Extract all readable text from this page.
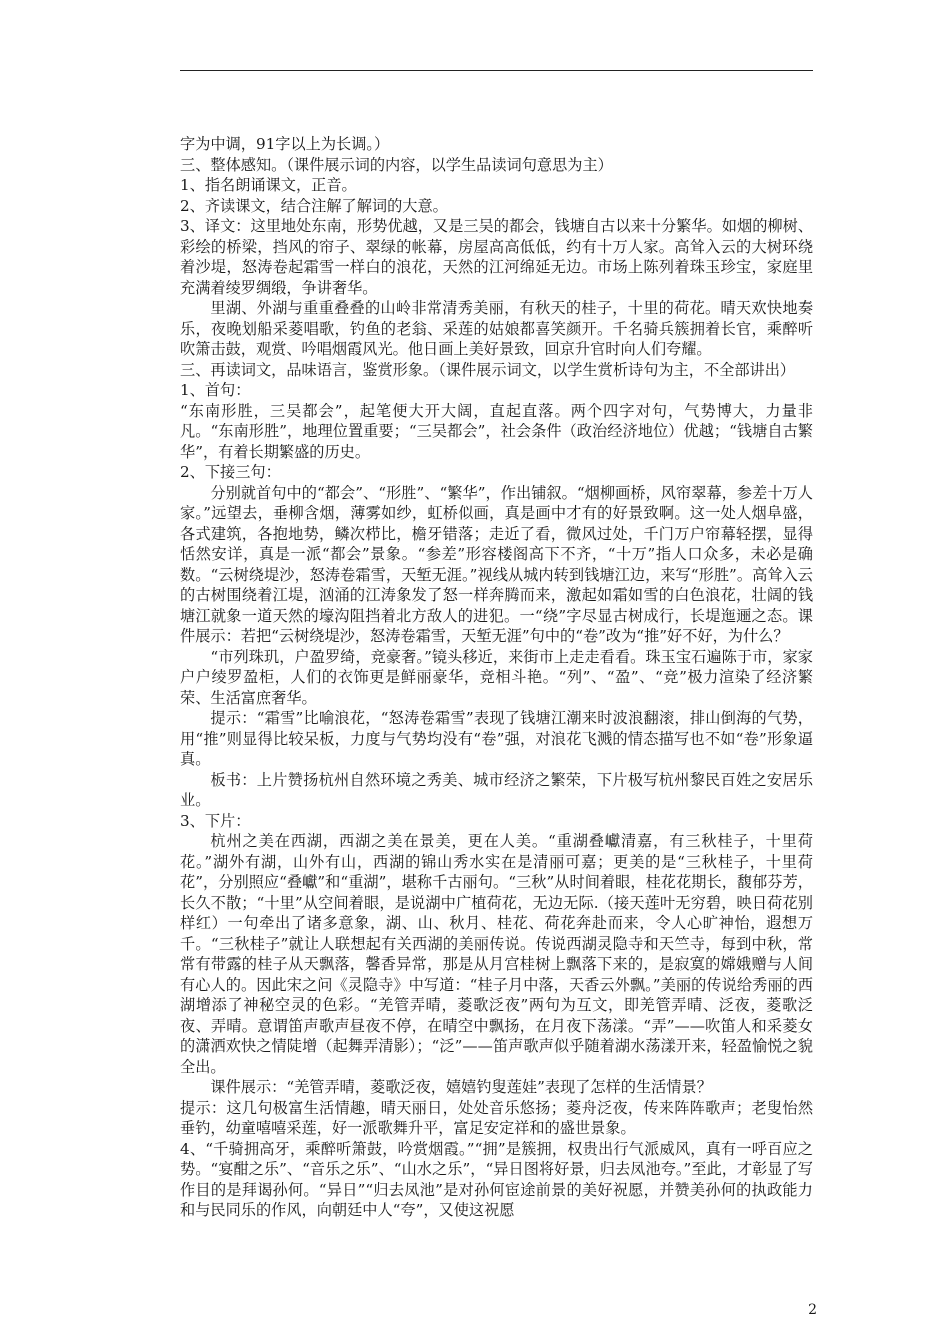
字为中调，91字以上为长调。）

三、整体感知。（课件展示词的内容，以学生品读词句意思为主）

1、指名朗诵课文，正音。

2、齐读课文，结合注解了解词的大意。

3、译文：这里地处东南，形势优越，又是三吴的都会，钱塘自古以来十分繁华。如烟的柳树、彩绘的桥梁，挡风的帘子、翠绿的帐幕，房屋高高低低，约有十万人家。高耸入云的大树环绕着沙堤，怒涛卷起霜雪一样白的浪花，天然的江河绵延无边。市场上陈列着珠玉珍宝，家庭里充满着绫罗绸缎，争讲奢华。

里湖、外湖与重重叠叠的山岭非常清秀美丽，有秋天的桂子，十里的荷花。晴天欢快地奏乐，夜晚划船采菱唱歌，钓鱼的老翁、采莲的姑娘都喜笑颜开。千名骑兵簇拥着长官，乘醉听吹箫击鼓，观赏、吟唱烟霞风光。他日画上美好景致，回京升官时向人们夸耀。

三、再读词文，品味语言，鉴赏形象。（课件展示词文，以学生赏析诗句为主，不全部讲出）

1、首句：

“东南形胜，三吴都会”，起笔便大开大阔，直起直落。两个四字对句，气势博大，力量非凡。“东南形胜”，地理位置重要；“三吴都会”，社会条件（政治经济地位）优越；“钱塘自古繁华”，有着长期繁盛的历史。

2、下接三句：

分别就首句中的“都会”、“形胜”、“繁华”，作出铺叙。“烟柳画桥，风帘翠幕，参差十万人家。”远望去，垂柳含烟，薄雾如纱，虹桥似画，真是画中才有的好景致啊。这一处人烟阜盛，各式建筑，各抱地势，鳞次栉比，檐牙错落；走近了看，微风过处，千门万户帘幕轻摆，显得恬然安详，真是一派“都会”景象。“参差”形容楼阁高下不齐，“十万”指人口众多，未必是确数。“云树绕堤沙，怒涛卷霜雪，天堑无涯。”视线从城内转到钱塘江边，来写“形胜”。高耸入云的古树围绕着江堤，汹涌的江涛象发了怒一样奔腾而来，激起如霜如雪的白色浪花，壮阔的钱塘江就象一道天然的壕沟阻挡着北方敌人的进犯。一“绕”字尽显古树成行，长堤迤逦之态。课件展示：若把“云树绕堤沙，怒涛卷霜雪，天堑无涯”句中的“卷”改为“推”好不好，为什么？

“市列珠玑，户盈罗绮，竞豪奢。”镜头移近，来街市上走走看看。珠玉宝石遍陈于市，家家户户绫罗盈柜，人们的衣饰更是鲜丽豪华，竞相斗艳。“列”、“盈”、“竞”极力渲染了经济繁荣、生活富庶奢华。

提示：“霜雪”比喻浪花，“怒涛卷霜雪”表现了钱塘江潮来时波浪翻滚，排山倒海的气势，用“推”则显得比较呆板，力度与气势均没有“卷”强，对浪花飞溅的情态描写也不如“卷”形象逼真。

板书：上片赞扬杭州自然环境之秀美、城市经济之繁荣，下片极写杭州黎民百姓之安居乐业。

3、下片：

杭州之美在西湖，西湖之美在景美，更在人美。“重湖叠巘清嘉，有三秋桂子，十里荷花。”湖外有湖，山外有山，西湖的锦山秀水实在是清丽可嘉；更美的是“三秋桂子，十里荷花”，分别照应“叠巘”和“重湖”，堪称千古丽句。“三秋”从时间着眼，桂花花期长，馥郁芬芳，长久不散；“十里”从空间着眼，是说湖中广植荷花，无边无际.（接天莲叶无穷碧，映日荷花别样红）一句牵出了诸多意象，湖、山、秋月、桂花、荷花奔赴而来，令人心旷神怡，遐想万千。“三秋桂子”就让人联想起有关西湖的美丽传说。传说西湖灵隐寺和天竺寺，每到中秋，常常有带露的桂子从天飘落，馨香异常，那是从月宫桂树上飘落下来的，是寂寞的嫦娥赠与人间有心人的。因此宋之问《灵隐寺》中写道：“桂子月中落，天香云外飘。”美丽的传说给秀丽的西湖增添了神秘空灵的色彩。“羌管弄晴，菱歌泛夜”两句为互文，即羌管弄晴、泛夜，菱歌泛夜、弄晴。意谓笛声歌声昼夜不停，在晴空中飘扬，在月夜下荡漾。“弄”——吹笛人和采菱女的潇洒欢快之情陡增（起舞弄清影）；“泛”——笛声歌声似乎随着湖水荡漾开来，轻盈愉悦之貌全出。

课件展示：“羌管弄晴，菱歌泛夜，嬉嬉钓叟莲娃”表现了怎样的生活情景？

提示：这几句极富生活情趣，晴天丽日，处处音乐悠扬；菱舟泛夜，传来阵阵歌声；老叟怡然垂钓，幼童嘻嘻采莲，好一派歌舞升平，富足安定祥和的盛世景象。

4、“千骑拥高牙，乘醉听箫鼓，吟赏烟霞。”“拥”是簇拥，权贵出行气派威风，真有一呼百应之势。“宴酣之乐”、“音乐之乐”、“山水之乐”，“异日图将好景，归去凤池夸。”至此，才彰显了写作目的是拜谒孙何。“异日”“归去凤池”是对孙何宦途前景的美好祝愿，并赞美孙何的执政能力和与民同乐的作风，向朝廷中人“夸”，又使这祝愿

2
